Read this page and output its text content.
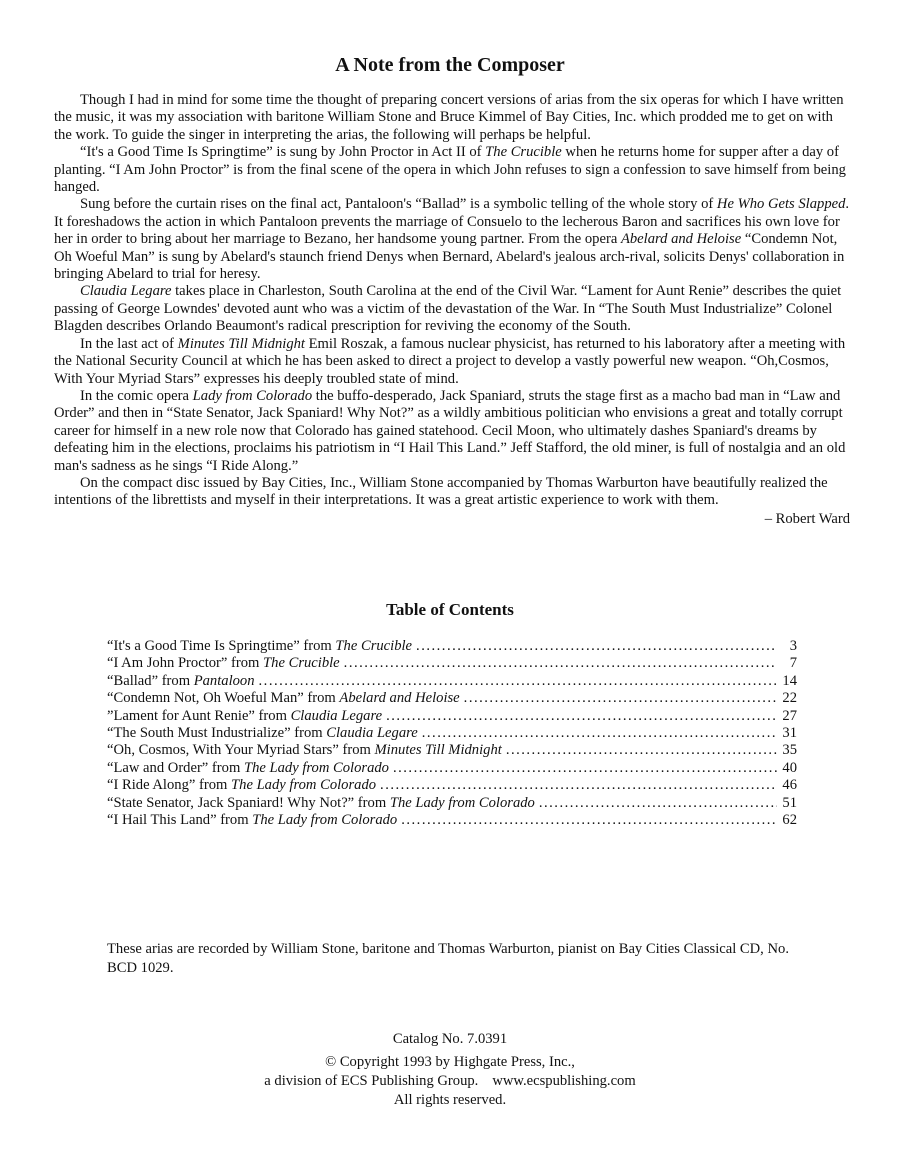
A Note from the Composer

Though I had in mind for some time the thought of preparing concert versions of arias from the six operas for which I have written the music, it was my association with baritone William Stone and Bruce Kimmel of Bay Cities, Inc. which prodded me to get on with the work. To guide the singer in interpreting the arias, the following will perhaps be helpful.

“It's a Good Time Is Springtime” is sung by John Proctor in Act II of The Crucible when he returns home for supper after a day of planting. “I Am John Proctor” is from the final scene of the opera in which John refuses to sign a confession to save himself from being hanged.

Sung before the curtain rises on the final act, Pantaloon's “Ballad” is a symbolic telling of the whole story of He Who Gets Slapped. It foreshadows the action in which Pantaloon prevents the marriage of Consuelo to the lecherous Baron and sacrifices his own love for her in order to bring about her marriage to Bezano, her handsome young partner. From the opera Abelard and Heloise “Condemn Not, Oh Woeful Man” is sung by Abelard's staunch friend Denys when Bernard, Abelard's jealous arch-rival, solicits Denys' collaboration in bringing Abelard to trial for heresy.

Claudia Legare takes place in Charleston, South Carolina at the end of the Civil War. “Lament for Aunt Renie” describes the quiet passing of George Lowndes' devoted aunt who was a victim of the devastation of the War. In “The South Must Industrialize” Colonel Blagden describes Orlando Beaumont's radical prescription for reviving the economy of the South.

In the last act of Minutes Till Midnight Emil Roszak, a famous nuclear physicist, has returned to his laboratory after a meeting with the National Security Council at which he has been asked to direct a project to develop a vastly powerful new weapon. “Oh,Cosmos, With Your Myriad Stars” expresses his deeply troubled state of mind.

In the comic opera Lady from Colorado the buffo-desperado, Jack Spaniard, struts the stage first as a macho bad man in “Law and Order” and then in “State Senator, Jack Spaniard! Why Not?” as a wildly ambitious politician who envisions a great and totally corrupt career for himself in a new role now that Colorado has gained statehood. Cecil Moon, who ultimately dashes Spaniard's dreams by defeating him in the elections, proclaims his patriotism in “I Hail This Land.” Jeff Stafford, the old miner, is full of nostalgia and an old man's sadness as he sings “I Ride Along.”

On the compact disc issued by Bay Cities, Inc., William Stone accompanied by Thomas Warburton have beautifully realized the intentions of the librettists and myself in their interpretations. It was a great artistic experience to work with them.

– Robert Ward
Table of Contents
“It's a Good Time Is Springtime” from The Crucible .....	3
“I Am John Proctor” from The Crucible .....	7
“Ballad” from Pantaloon .....	14
“Condemn Not, Oh Woeful Man” from Abelard and Heloise .....	22
”Lament for Aunt Renie” from Claudia Legare .....	27
“The South Must Industrialize” from Claudia Legare .....	31
“Oh, Cosmos, With Your Myriad Stars” from Minutes Till Midnight .....	35
“Law and Order” from The Lady from Colorado .....	40
“I Ride Along” from The Lady from Colorado .....	46
“State Senator, Jack Spaniard! Why Not?” from The Lady from Colorado .....	51
“I Hail This Land” from The Lady from Colorado .....	62
These arias are recorded by William Stone, baritone and Thomas Warburton, pianist on Bay Cities Classical CD, No. BCD 1029.
Catalog No. 7.0391
© Copyright 1993 by Highgate Press, Inc.,
a division of ECS Publishing Group. www.ecspublishing.com
All rights reserved.
